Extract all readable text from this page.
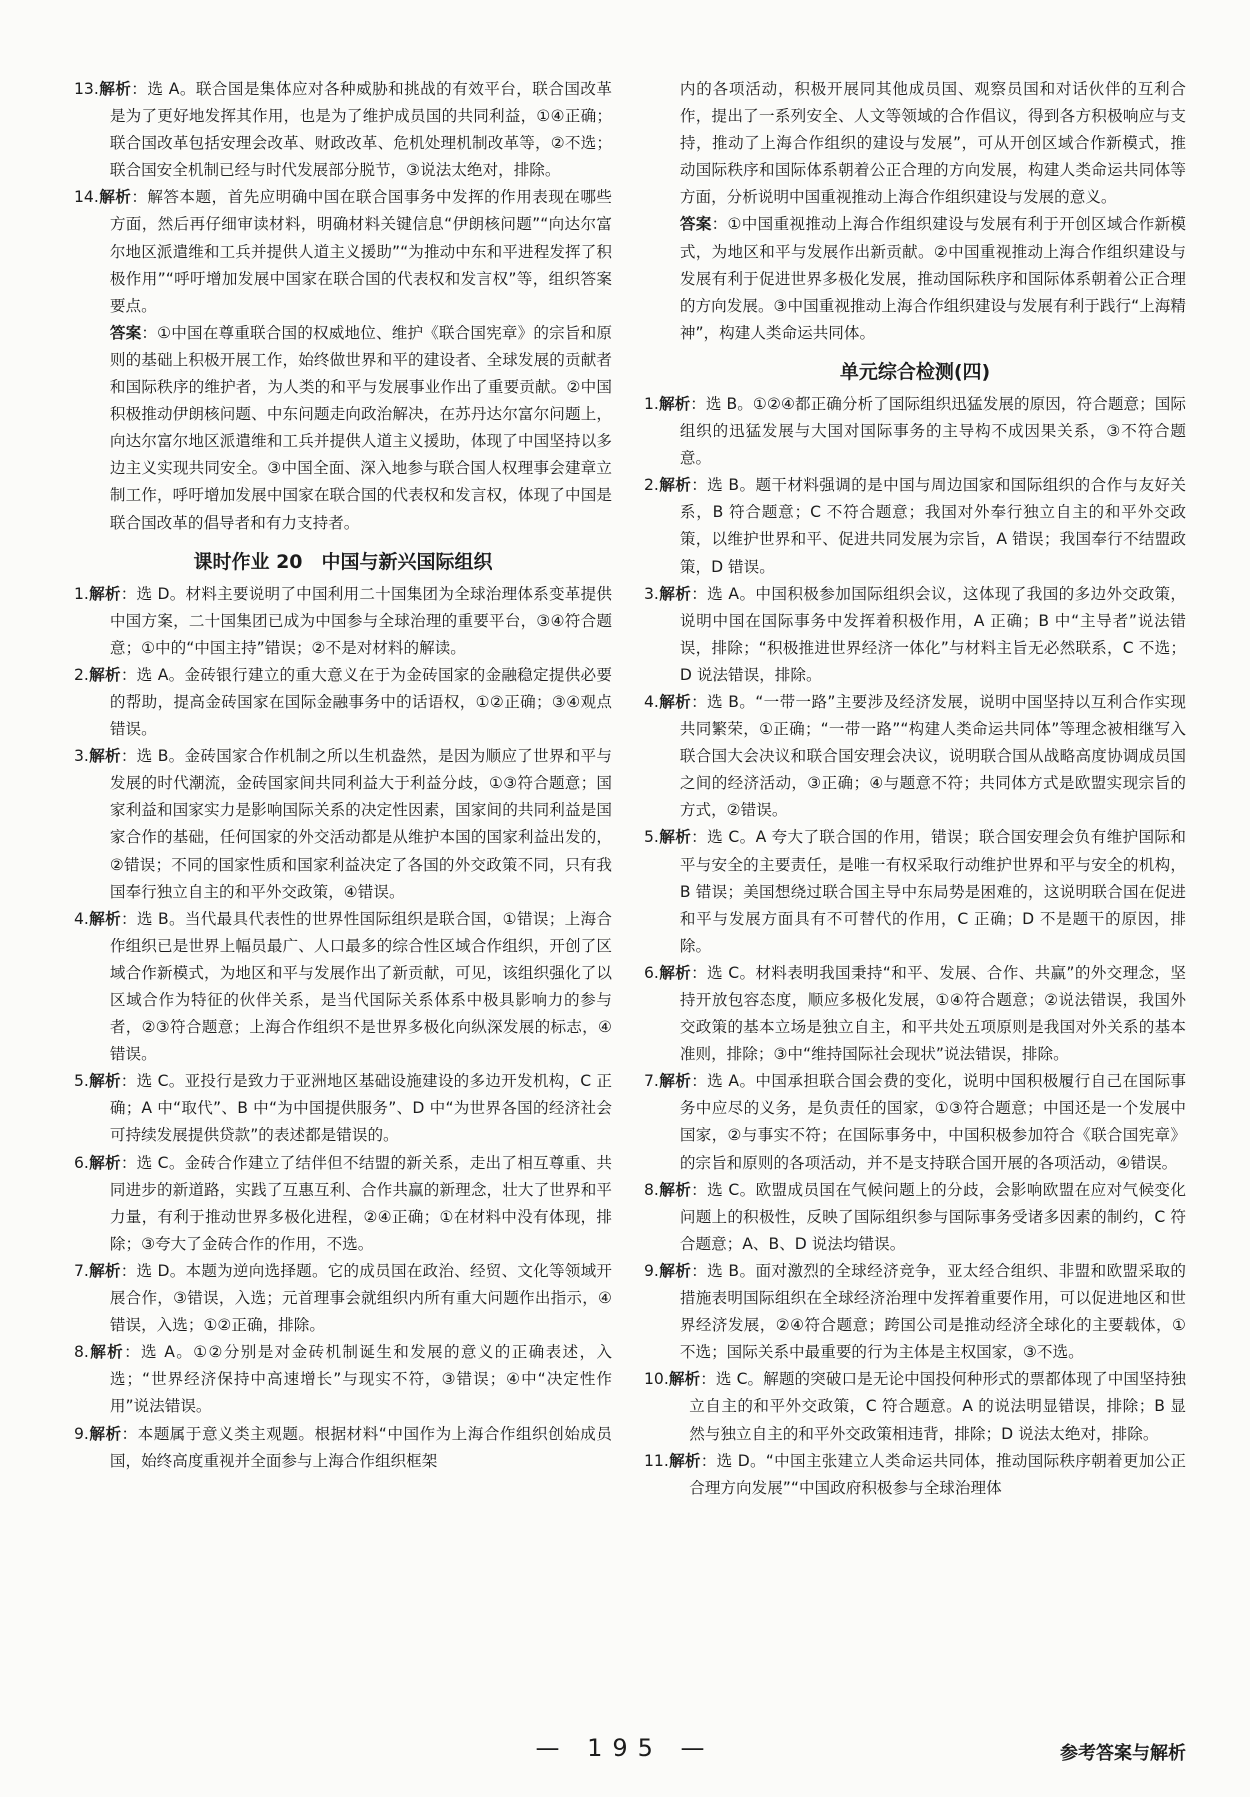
13.解析：选 A。联合国是集体应对各种威胁和挑战的有效平台，联合国改革是为了更好地发挥其作用，也是为了维护成员国的共同利益，①④正确；联合国改革包括安理会改革、财政改革、危机处理机制改革等，②不选；联合国安全机制已经与时代发展部分脱节，③说法太绝对，排除。

14.解析：解答本题，首先应明确中国在联合国事务中发挥的作用表现在哪些方面，然后再仔细审读材料，明确材料关键信息“伊朗核问题”“向达尔富尔地区派遣维和工兵并提供人道主义援助”“为推动中东和平进程发挥了积极作用”“呼吁增加发展中国家在联合国的代表权和发言权”等，组织答案要点。

答案：①中国在尊重联合国的权威地位、维护《联合国宪章》的宗旨和原则的基础上积极开展工作，始终做世界和平的建设者、全球发展的贡献者和国际秩序的维护者，为人类的和平与发展事业作出了重要贡献。②中国积极推动伊朗核问题、中东问题走向政治解决，在苏丹达尔富尔问题上，向达尔富尔地区派遣维和工兵并提供人道主义援助，体现了中国坚持以多边主义实现共同安全。③中国全面、深入地参与联合国人权理事会建章立制工作，呼吁增加发展中国家在联合国的代表权和发言权，体现了中国是联合国改革的倡导者和有力支持者。

课时作业 20　中国与新兴国际组织

1.解析：选 D。材料主要说明了中国利用二十国集团为全球治理体系变革提供中国方案，二十国集团已成为中国参与全球治理的重要平台，③④符合题意；①中的“中国主持”错误；②不是对材料的解读。

2.解析：选 A。金砖银行建立的重大意义在于为金砖国家的金融稳定提供必要的帮助，提高金砖国家在国际金融事务中的话语权，①②正确；③④观点错误。

3.解析：选 B。金砖国家合作机制之所以生机盎然，是因为顺应了世界和平与发展的时代潮流，金砖国家间共同利益大于利益分歧，①③符合题意；国家利益和国家实力是影响国际关系的决定性因素，国家间的共同利益是国家合作的基础，任何国家的外交活动都是从维护本国的国家利益出发的，②错误；不同的国家性质和国家利益决定了各国的外交政策不同，只有我国奉行独立自主的和平外交政策，④错误。

4.解析：选 B。当代最具代表性的世界性国际组织是联合国，①错误；上海合作组织已是世界上幅员最广、人口最多的综合性区域合作组织，开创了区域合作新模式，为地区和平与发展作出了新贡献，可见，该组织强化了以区域合作为特征的伙伴关系，是当代国际关系体系中极具影响力的参与者，②③符合题意；上海合作组织不是世界多极化向纵深发展的标志，④错误。

5.解析：选 C。亚投行是致力于亚洲地区基础设施建设的多边开发机构，C 正确；A 中“取代”、B 中“为中国提供服务”、D 中“为世界各国的经济社会可持续发展提供贷款”的表述都是错误的。

6.解析：选 C。金砖合作建立了结伴但不结盟的新关系，走出了相互尊重、共同进步的新道路，实践了互惠互利、合作共赢的新理念，壮大了世界和平力量，有利于推动世界多极化进程，②④正确；①在材料中没有体现，排除；③夸大了金砖合作的作用，不选。

7.解析：选 D。本题为逆向选择题。它的成员国在政治、经贸、文化等领域开展合作，③错误，入选；元首理事会就组织内所有重大问题作出指示，④错误，入选；①②正确，排除。

8.解析：选 A。①②分别是对金砖机制诞生和发展的意义的正确表述，入选；“世界经济保持中高速增长”与现实不符，③错误；④中“决定性作用”说法错误。

9.解析：本题属于意义类主观题。根据材料“中国作为上海合作组织创始成员国，始终高度重视并全面参与上海合作组织框架

内的各项活动，积极开展同其他成员国、观察员国和对话伙伴的互利合作，提出了一系列安全、人文等领域的合作倡议，得到各方积极响应与支持，推动了上海合作组织的建设与发展”，可从开创区域合作新模式，推动国际秩序和国际体系朝着公正合理的方向发展，构建人类命运共同体等方面，分析说明中国重视推动上海合作组织建设与发展的意义。

答案：①中国重视推动上海合作组织建设与发展有利于开创区域合作新模式，为地区和平与发展作出新贡献。②中国重视推动上海合作组织建设与发展有利于促进世界多极化发展，推动国际秩序和国际体系朝着公正合理的方向发展。③中国重视推动上海合作组织建设与发展有利于践行“上海精神”，构建人类命运共同体。

单元综合检测(四)

1.解析：选 B。①②④都正确分析了国际组织迅猛发展的原因，符合题意；国际组织的迅猛发展与大国对国际事务的主导构不成因果关系，③不符合题意。

2.解析：选 B。题干材料强调的是中国与周边国家和国际组织的合作与友好关系，B 符合题意；C 不符合题意；我国对外奉行独立自主的和平外交政策，以维护世界和平、促进共同发展为宗旨，A 错误；我国奉行不结盟政策，D 错误。

3.解析：选 A。中国积极参加国际组织会议，这体现了我国的多边外交政策，说明中国在国际事务中发挥着积极作用，A 正确；B 中“主导者”说法错误，排除；“积极推进世界经济一体化”与材料主旨无必然联系，C 不选；D 说法错误，排除。

4.解析：选 B。“一带一路”主要涉及经济发展，说明中国坚持以互利合作实现共同繁荣，①正确；“一带一路”“构建人类命运共同体”等理念被相继写入联合国大会决议和联合国安理会决议，说明联合国从战略高度协调成员国之间的经济活动，③正确；④与题意不符；共同体方式是欧盟实现宗旨的方式，②错误。

5.解析：选 C。A 夸大了联合国的作用，错误；联合国安理会负有维护国际和平与安全的主要责任，是唯一有权采取行动维护世界和平与安全的机构，B 错误；美国想绕过联合国主导中东局势是困难的，这说明联合国在促进和平与发展方面具有不可替代的作用，C 正确；D 不是题干的原因，排除。

6.解析：选 C。材料表明我国秉持“和平、发展、合作、共赢”的外交理念，坚持开放包容态度，顺应多极化发展，①④符合题意；②说法错误，我国外交政策的基本立场是独立自主，和平共处五项原则是我国对外关系的基本准则，排除；③中“维持国际社会现状”说法错误，排除。

7.解析：选 A。中国承担联合国会费的变化，说明中国积极履行自己在国际事务中应尽的义务，是负责任的国家，①③符合题意；中国还是一个发展中国家，②与事实不符；在国际事务中，中国积极参加符合《联合国宪章》的宗旨和原则的各项活动，并不是支持联合国开展的各项活动，④错误。

8.解析：选 C。欧盟成员国在气候问题上的分歧，会影响欧盟在应对气候变化问题上的积极性，反映了国际组织参与国际事务受诸多因素的制约，C 符合题意；A、B、D 说法均错误。

9.解析：选 B。面对激烈的全球经济竞争，亚太经合组织、非盟和欧盟采取的措施表明国际组织在全球经济治理中发挥着重要作用，可以促进地区和世界经济发展，②④符合题意；跨国公司是推动经济全球化的主要载体，①不选；国际关系中最重要的行为主体是主权国家，③不选。

10.解析：选 C。解题的突破口是无论中国投何种形式的票都体现了中国坚持独立自主的和平外交政策，C 符合题意。A 的说法明显错误，排除；B 显然与独立自主的和平外交政策相违背，排除；D 说法太绝对，排除。

11.解析：选 D。“中国主张建立人类命运共同体，推动国际秩序朝着更加公正合理方向发展”“中国政府积极参与全球治理体

— 195 —	参考答案与解析
